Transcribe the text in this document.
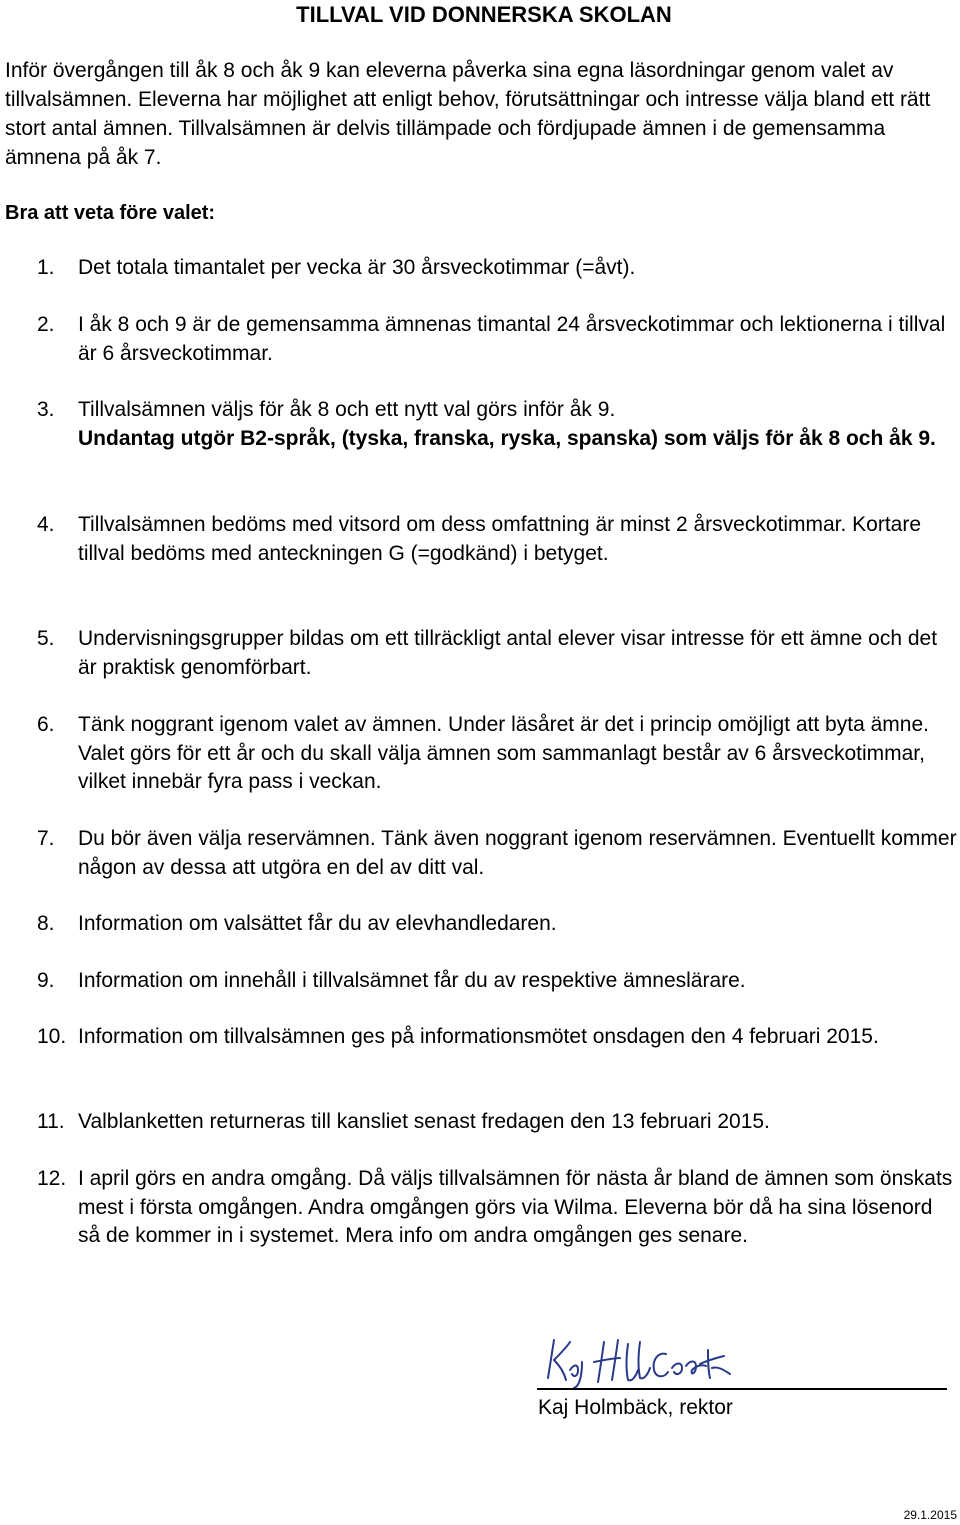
TILLVAL VID DONNERSKA SKOLAN

Inför övergången till åk 8 och åk 9 kan eleverna påverka sina egna läsordningar genom valet av tillvalsämnen. Eleverna har möjlighet att enligt behov, förutsättningar och intresse välja bland ett rätt stort antal ämnen. Tillvalsämnen är delvis tillämpade och fördjupade ämnen i de gemensamma ämnena på åk 7.

Bra att veta före valet:
1.	Det totala timantalet per vecka är 30 årsveckotimmar (=åvt).
2.	I åk 8 och 9 är de gemensamma ämnenas timantal 24 årsveckotimmar och lektionerna i tillval är 6 årsveckotimmar.
3.	Tillvalsämnen väljs för åk 8 och ett nytt val görs inför åk 9.
Undantag utgör B2-språk, (tyska, franska, ryska, spanska) som väljs för åk 8 och åk 9.
4.	Tillvalsämnen bedöms med vitsord om dess omfattning är minst 2 årsveckotimmar. Kortare tillval bedöms med anteckningen G (=godkänd) i betyget.
5.	Undervisningsgrupper bildas om ett tillräckligt antal elever visar intresse för ett ämne och det är praktisk genomförbart.
6.	Tänk noggrant igenom valet av ämnen. Under läsåret är det i princip omöjligt att byta ämne. Valet görs för ett år och du skall välja ämnen som sammanlagt består av 6 årsveckotimmar, vilket innebär fyra pass i veckan.
7.	Du bör även välja reservämnen. Tänk även noggrant igenom reservämnen. Eventuellt kommer någon av dessa att utgöra en del av ditt val.
8.	Information om valsättet får du av elevhandledaren.
9.	Information om innehåll i tillvalsämnet får du av respektive ämneslärare.
10. Information om tillvalsämnen ges på informationsmötet onsdagen den 4 februari 2015.
11. Valblanketten returneras till kansliet senast fredagen den 13 februari 2015.
12. I april görs en andra omgång. Då väljs tillvalsämnen för nästa år bland de ämnen som önskats mest i första omgången. Andra omgången görs via Wilma. Eleverna bör då ha sina lösenord så de kommer in i systemet. Mera info om andra omgången ges senare.
Kaj Holmbäck, rektor
29.1.2015
